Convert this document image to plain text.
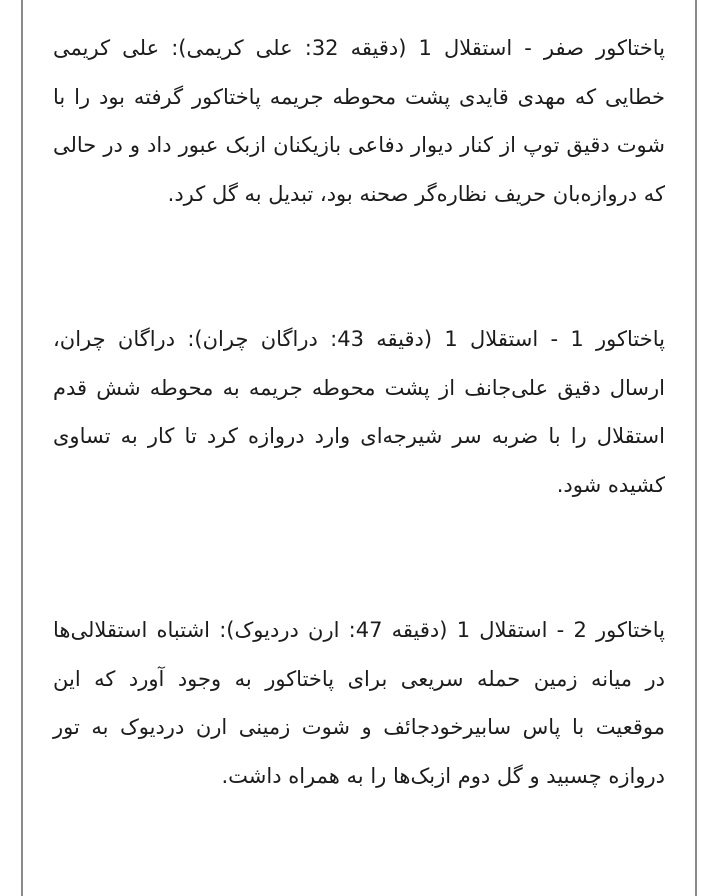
پاختاکور صفر - استقلال 1 (دقیقه 32: علی کریمی): علی کریمی خطایی که مهدی قایدی پشت محوطه جریمه پاختاکور گرفته بود را با شوت دقیق توپ از کنار دیوار دفاعی بازیکنان ازبک عبور داد و در حالی که دروازه‌بان حریف نظاره‌گر صحنه بود، تبدیل به گل کرد.

پاختاکور 1 - استقلال 1 (دقیقه 43: دراگان چران): دراگان چران، ارسال دقیق علی‌جانف از پشت محوطه جریمه به محوطه شش قدم استقلال را با ضربه سر شیرجه‌ای وارد دروازه کرد تا کار به تساوی کشیده شود.

پاختاکور 2 - استقلال 1 (دقیقه 47: ارن دردیوک): اشتباه استقلالی‌ها در میانه زمین حمله سریعی برای پاختاکور به وجود آورد که این موقعیت با پاس سابیرخودجائف و شوت زمینی ارن دردیوک به تور دروازه چسبید و گل دوم ازبک‌ها را به همراه داشت.
